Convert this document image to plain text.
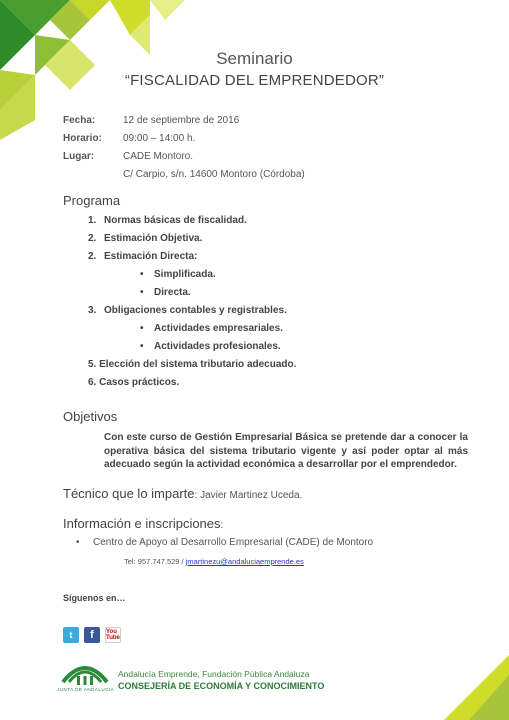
Seminario
“FISCALIDAD DEL EMPRENDEDOR”
Fecha:	12 de septiembre de 2016
Horario:	09:00 – 14:00 h.
Lugar:	CADE Montoro.
C/ Carpio, s/n. 14600 Montoro (Córdoba)
Programa
1. Normas básicas de fiscalidad.
2. Estimación Objetiva.
2. Estimación Directa:
•	Simplificada.
•	Directa.
3. Obligaciones contables y registrables.
•	Actividades empresariales.
•	Actividades profesionales.
5. Elección del sistema tributario adecuado.
6. Casos prácticos.
Objetivos
Con este curso de Gestión Empresarial Básica se pretende dar a conocer la operativa básica del sistema tributario vigente y así poder optar al más adecuado según la actividad económica a desarrollar por el emprendedor.
Técnico que lo imparte: Javier Martinez Uceda.
Información e inscripciones:
• Centro de Apoyo al Desarrollo Empresarial (CADE) de Montoro
Tel: 957.747.529 / jmartinezu@andaluciaemprende.es
Síguenos en…
t	f	You Tube
JUNTA DE ANDALUCIA
Andalucía Emprende, Fundación Pública Andaluza
CONSEJERÍA DE ECONOMÍA Y CONOCIMIENTO
